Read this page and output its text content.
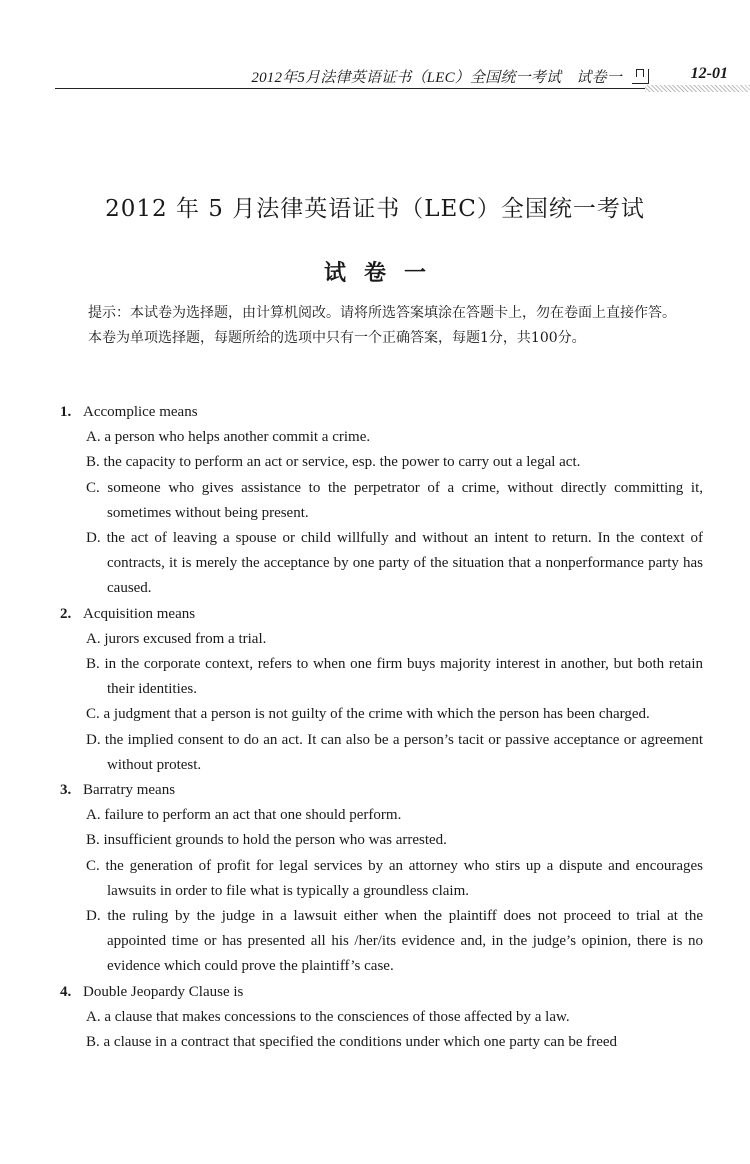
2012年5月法律英语证书（LEC）全国统一考试　试卷一	12-01
2012 年 5 月法律英语证书（LEC）全国统一考试
试卷一

提示：本试卷为选择题，由计算机阅改。请将所选答案填涂在答题卡上，勿在卷面上直接作答。

本卷为单项选择题，每题所给的选项中只有一个正确答案，每题1分，共100分。

1. Accomplice means
A. a person who helps another commit a crime.
B. the capacity to perform an act or service, esp. the power to carry out a legal act.
C. someone who gives assistance to the perpetrator of a crime, without directly committing it, sometimes without being present.
D. the act of leaving a spouse or child willfully and without an intent to return. In the context of contracts, it is merely the acceptance by one party of the situation that a nonperformance party has caused.
2. Acquisition means
A. jurors excused from a trial.
B. in the corporate context, refers to when one firm buys majority interest in another, but both retain their identities.
C. a judgment that a person is not guilty of the crime with which the person has been charged.
D. the implied consent to do an act. It can also be a person’s tacit or passive acceptance or agreement without protest.
3. Barratry means
A. failure to perform an act that one should perform.
B. insufficient grounds to hold the person who was arrested.
C. the generation of profit for legal services by an attorney who stirs up a dispute and encourages lawsuits in order to file what is typically a groundless claim.
D. the ruling by the judge in a lawsuit either when the plaintiff does not proceed to trial at the appointed time or has presented all his /her/its evidence and, in the judge’s opinion, there is no evidence which could prove the plaintiff’s case.
4. Double Jeopardy Clause is
A. a clause that makes concessions to the consciences of those affected by a law.
B. a clause in a contract that specified the conditions under which one party can be freed
